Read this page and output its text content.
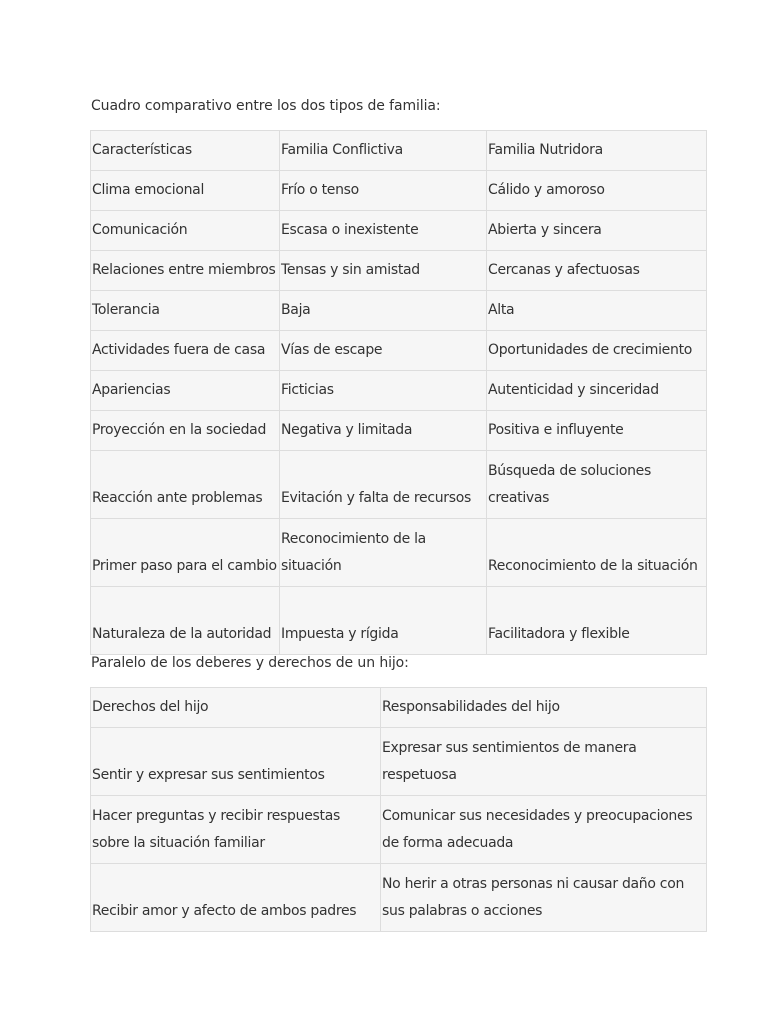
Cuadro comparativo entre los dos tipos de familia:
Características	Familia Conflictiva	Familia Nutridora

Clima emocional	Frío o tenso	Cálido y amoroso

Comunicación	Escasa o inexistente	Abierta y sincera

Relaciones entre miembros	Tensas y sin amistad	Cercanas y afectuosas

Tolerancia	Baja	Alta

Actividades fuera de casa	Vías de escape	Oportunidades de crecimiento

Apariencias	Ficticias	Autenticidad y sinceridad

Proyección en la sociedad	Negativa y limitada	Positiva e influyente

Reacción ante problemas	Evitación y falta de recursos	Búsqueda de soluciones creativas

Primer paso para el cambio	Reconocimiento de la situación	Reconocimiento de la situación

Naturaleza de la autoridad	Impuesta y rígida	Facilitadora y flexible
Paralelo de los deberes y derechos de un hijo:
Derechos del hijo	Responsabilidades del hijo

Sentir y expresar sus sentimientos	Expresar sus sentimientos de manera respetuosa

Hacer preguntas y recibir respuestas sobre la situación familiar	Comunicar sus necesidades y preocupaciones de forma adecuada

Recibir amor y afecto de ambos padres	No herir a otras personas ni causar daño con sus palabras o acciones
